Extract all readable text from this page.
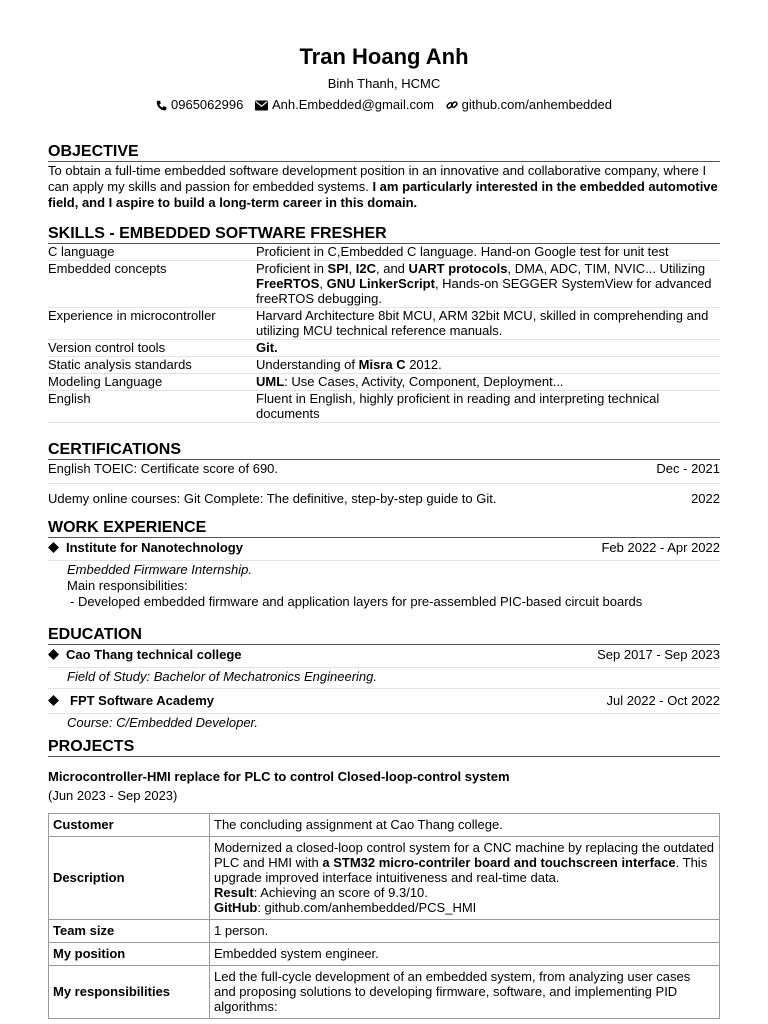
Tran Hoang Anh
Binh Thanh, HCMC
0965062996 Anh.Embedded@gmail.com github.com/anhembedded
OBJECTIVE
To obtain a full-time embedded software development position in an innovative and collaborative company, where I can apply my skills and passion for embedded systems. I am particularly interested in the embedded automotive field, and I aspire to build a long-term career in this domain.
SKILLS - EMBEDDED SOFTWARE FRESHER
C language	Proficient in C,Embedded C language. Hand-on Google test for unit test
Embedded concepts	Proficient in SPI, I2C, and UART protocols, DMA, ADC, TIM, NVIC... Utilizing FreeRTOS, GNU LinkerScript, Hands-on SEGGER SystemView for advanced freeRTOS debugging.
Experience in microcontroller	Harvard Architecture 8bit MCU, ARM 32bit MCU, skilled in comprehending and utilizing MCU technical reference manuals.
Version control tools	Git.
Static analysis standards	Understanding of Misra C 2012.
Modeling Language	UML: Use Cases, Activity, Component, Deployment...
English	Fluent in English, highly proficient in reading and interpreting technical documents
CERTIFICATIONS
English TOEIC: Certificate score of 690.	Dec - 2021
Udemy online courses: Git Complete: The definitive, step-by-step guide to Git.	2022
WORK EXPERIENCE
Institute for Nanotechnology	Feb 2022 - Apr 2022
Embedded Firmware Internship.
Main responsibilities:
- Developed embedded firmware and application layers for pre-assembled PIC-based circuit boards
EDUCATION
Cao Thang technical college	Sep 2017 - Sep 2023
Field of Study: Bachelor of Mechatronics Engineering.
FPT Software Academy	Jul 2022 - Oct 2022
Course: C/Embedded Developer.
PROJECTS
Microcontroller-HMI replace for PLC to control Closed-loop-control system
(Jun 2023 - Sep 2023)
Customer	The concluding assignment at Cao Thang college.
Description	Modernized a closed-loop control system for a CNC machine by replacing the outdated PLC and HMI with a STM32 micro-contriler board and touchscreen interface. This upgrade improved interface intuitiveness and real-time data.
Result: Achieving an score of 9.3/10.
GitHub: github.com/anhembedded/PCS_HMI
Team size	1 person.
My position	Embedded system engineer.
My responsibilities	Led the full-cycle development of an embedded system, from analyzing user cases and proposing solutions to developing firmware, software, and implementing PID algorithms:
